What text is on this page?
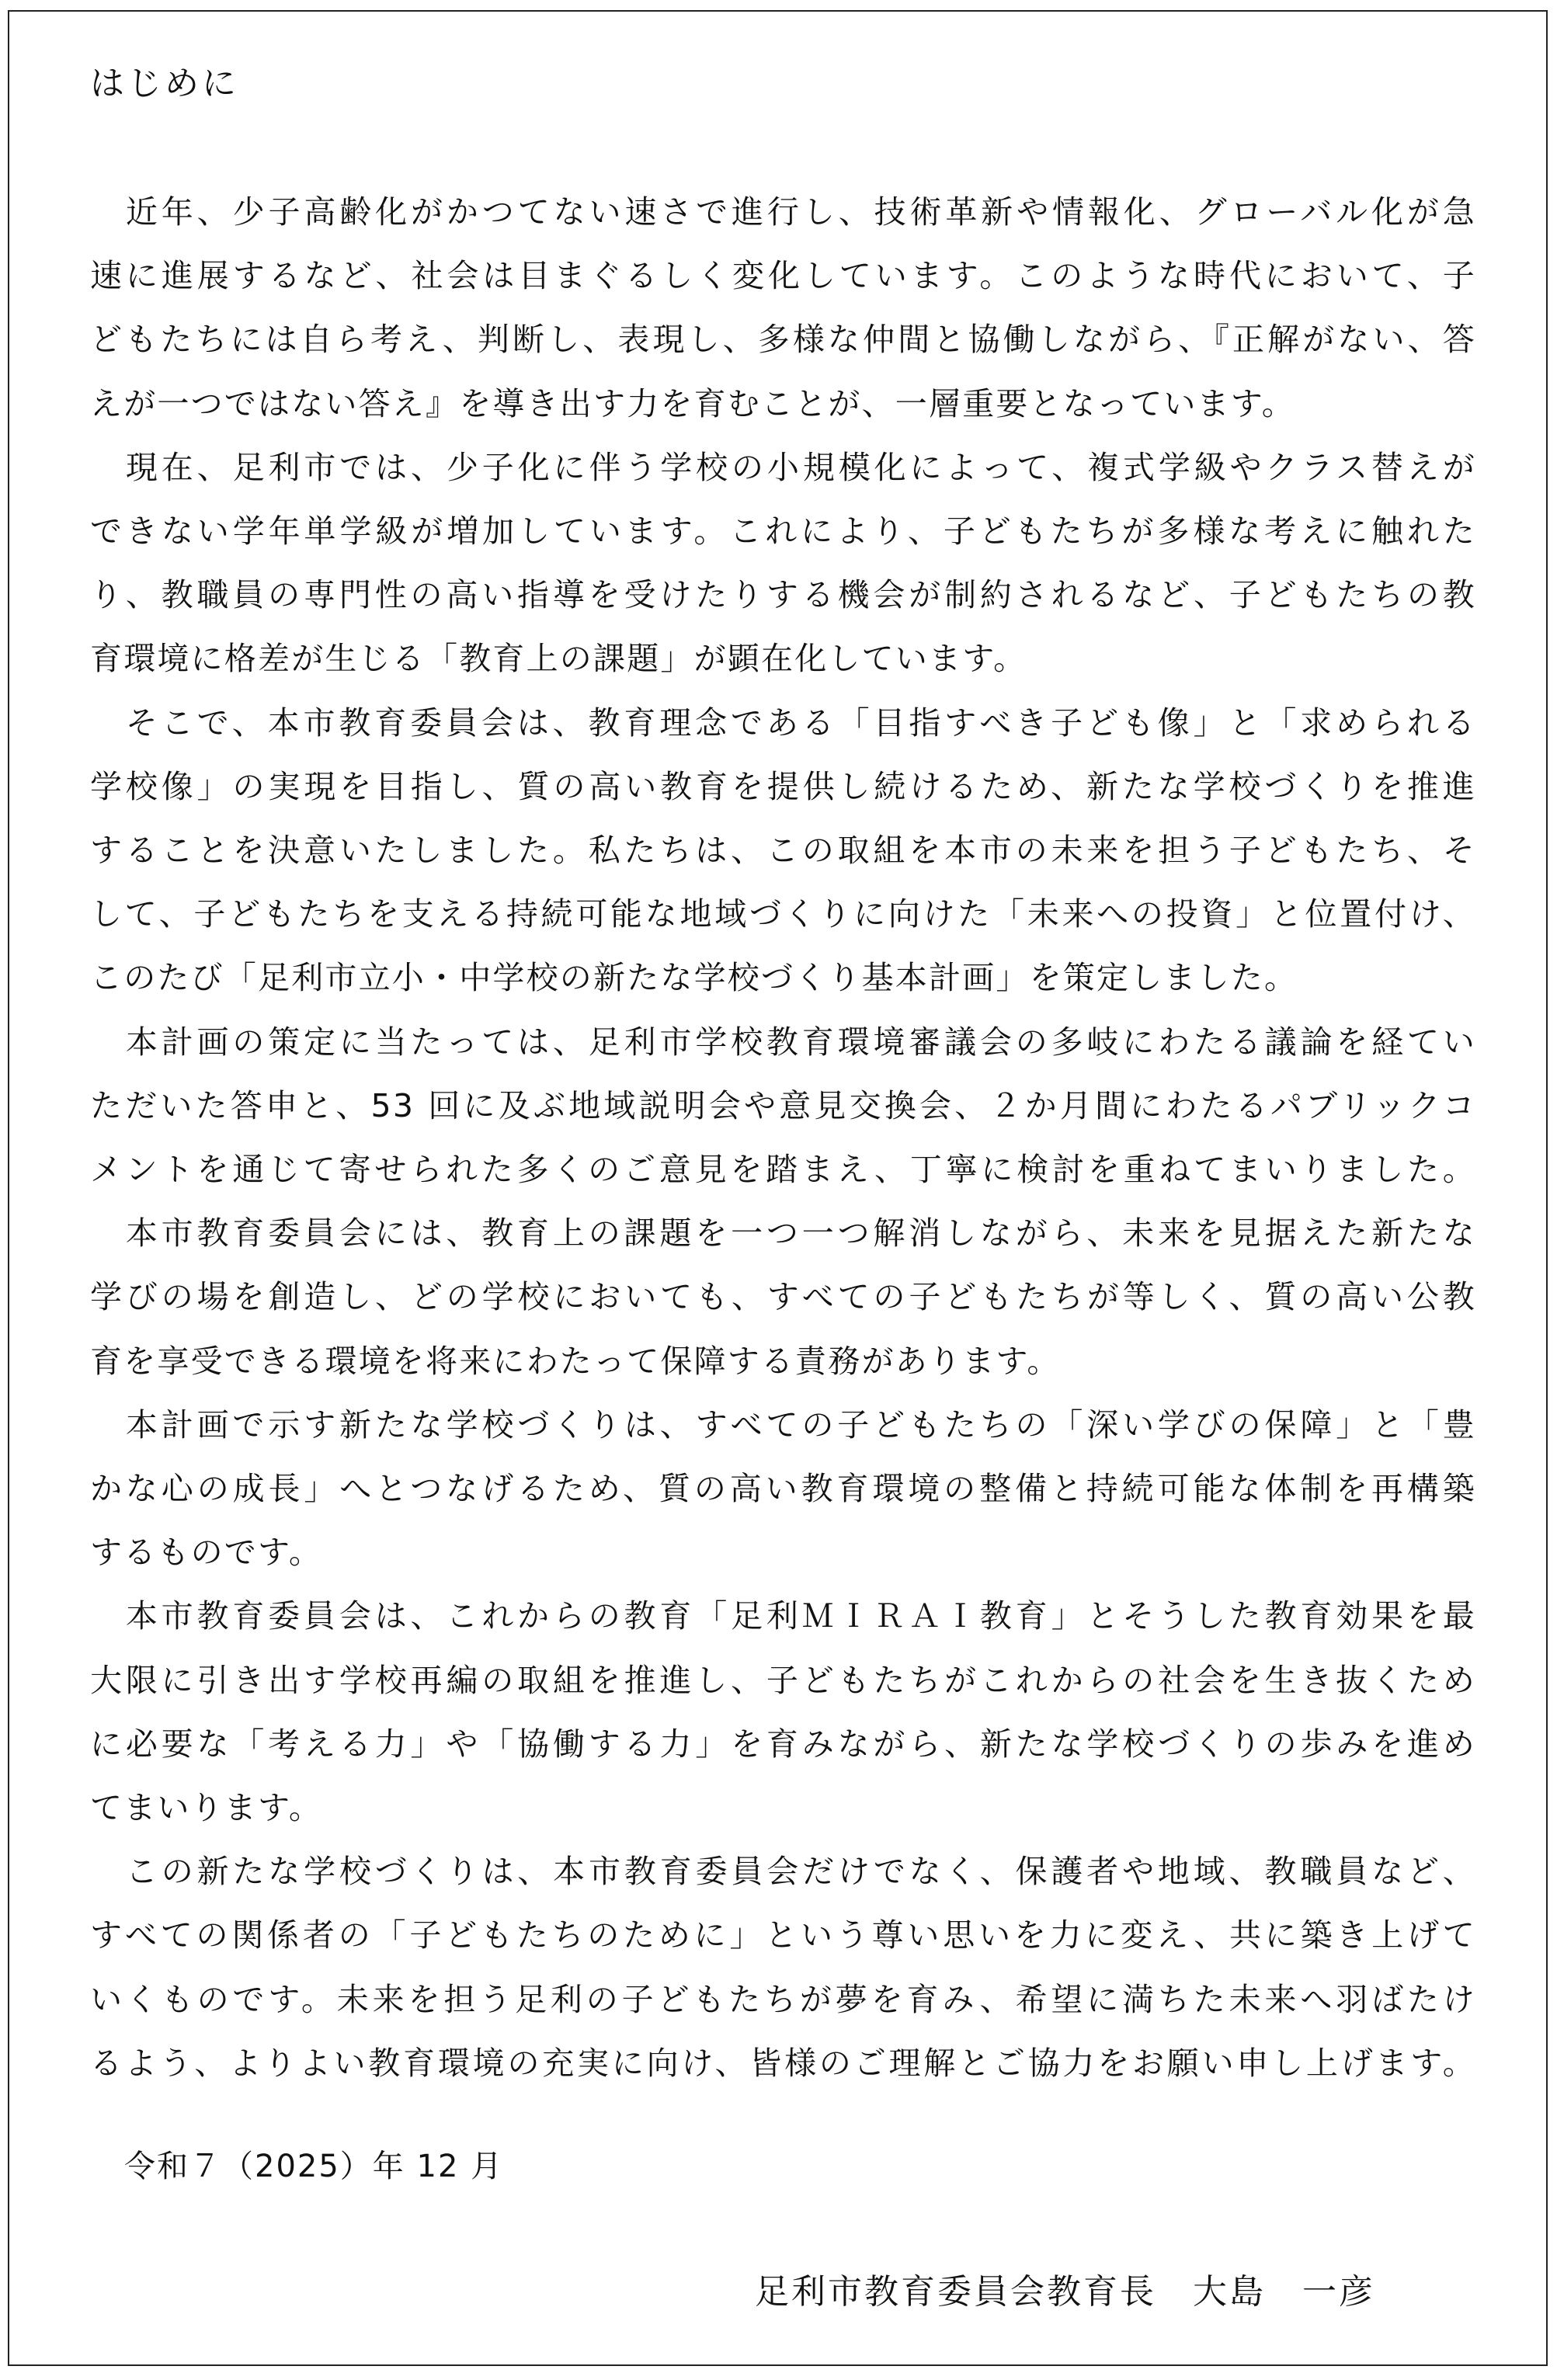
はじめに

　近年、少子高齢化がかつてない速さで進行し、技術革新や情報化、グローバル化が急
速に進展するなど、社会は目まぐるしく変化しています。このような時代において、子
どもたちには自ら考え、判断し、表現し、多様な仲間と協働しながら、『正解がない、答
えが一つではない答え』を導き出す力を育むことが、一層重要となっています。

　現在、足利市では、少子化に伴う学校の小規模化によって、複式学級やクラス替えが
できない学年単学級が増加しています。これにより、子どもたちが多様な考えに触れた
り、教職員の専門性の高い指導を受けたりする機会が制約されるなど、子どもたちの教
育環境に格差が生じる「教育上の課題」が顕在化しています。

　そこで、本市教育委員会は、教育理念である「目指すべき子ども像」と「求められる
学校像」の実現を目指し、質の高い教育を提供し続けるため、新たな学校づくりを推進
することを決意いたしました。私たちは、この取組を本市の未来を担う子どもたち、そ
して、子どもたちを支える持続可能な地域づくりに向けた「未来への投資」と位置付け、
このたび「足利市立小・中学校の新たな学校づくり基本計画」を策定しました。

　本計画の策定に当たっては、足利市学校教育環境審議会の多岐にわたる議論を経てい
ただいた答申と、53 回に及ぶ地域説明会や意見交換会、２か月間にわたるパブリックコ
メントを通じて寄せられた多くのご意見を踏まえ、丁寧に検討を重ねてまいりました。

　本市教育委員会には、教育上の課題を一つ一つ解消しながら、未来を見据えた新たな
学びの場を創造し、どの学校においても、すべての子どもたちが等しく、質の高い公教
育を享受できる環境を将来にわたって保障する責務があります。

　本計画で示す新たな学校づくりは、すべての子どもたちの「深い学びの保障」と「豊
かな心の成長」へとつなげるため、質の高い教育環境の整備と持続可能な体制を再構築
するものです。

　本市教育委員会は、これからの教育「足利ＭＩＲＡＩ教育」とそうした教育効果を最
大限に引き出す学校再編の取組を推進し、子どもたちがこれからの社会を生き抜くため
に必要な「考える力」や「協働する力」を育みながら、新たな学校づくりの歩みを進め
てまいります。

　この新たな学校づくりは、本市教育委員会だけでなく、保護者や地域、教職員など、
すべての関係者の「子どもたちのために」という尊い思いを力に変え、共に築き上げて
いくものです。未来を担う足利の子どもたちが夢を育み、希望に満ちた未来へ羽ばたけ
るよう、よりよい教育環境の充実に向け、皆様のご理解とご協力をお願い申し上げます。

令和７（2025）年 12 月
足利市教育委員会教育長　大島　一彦
